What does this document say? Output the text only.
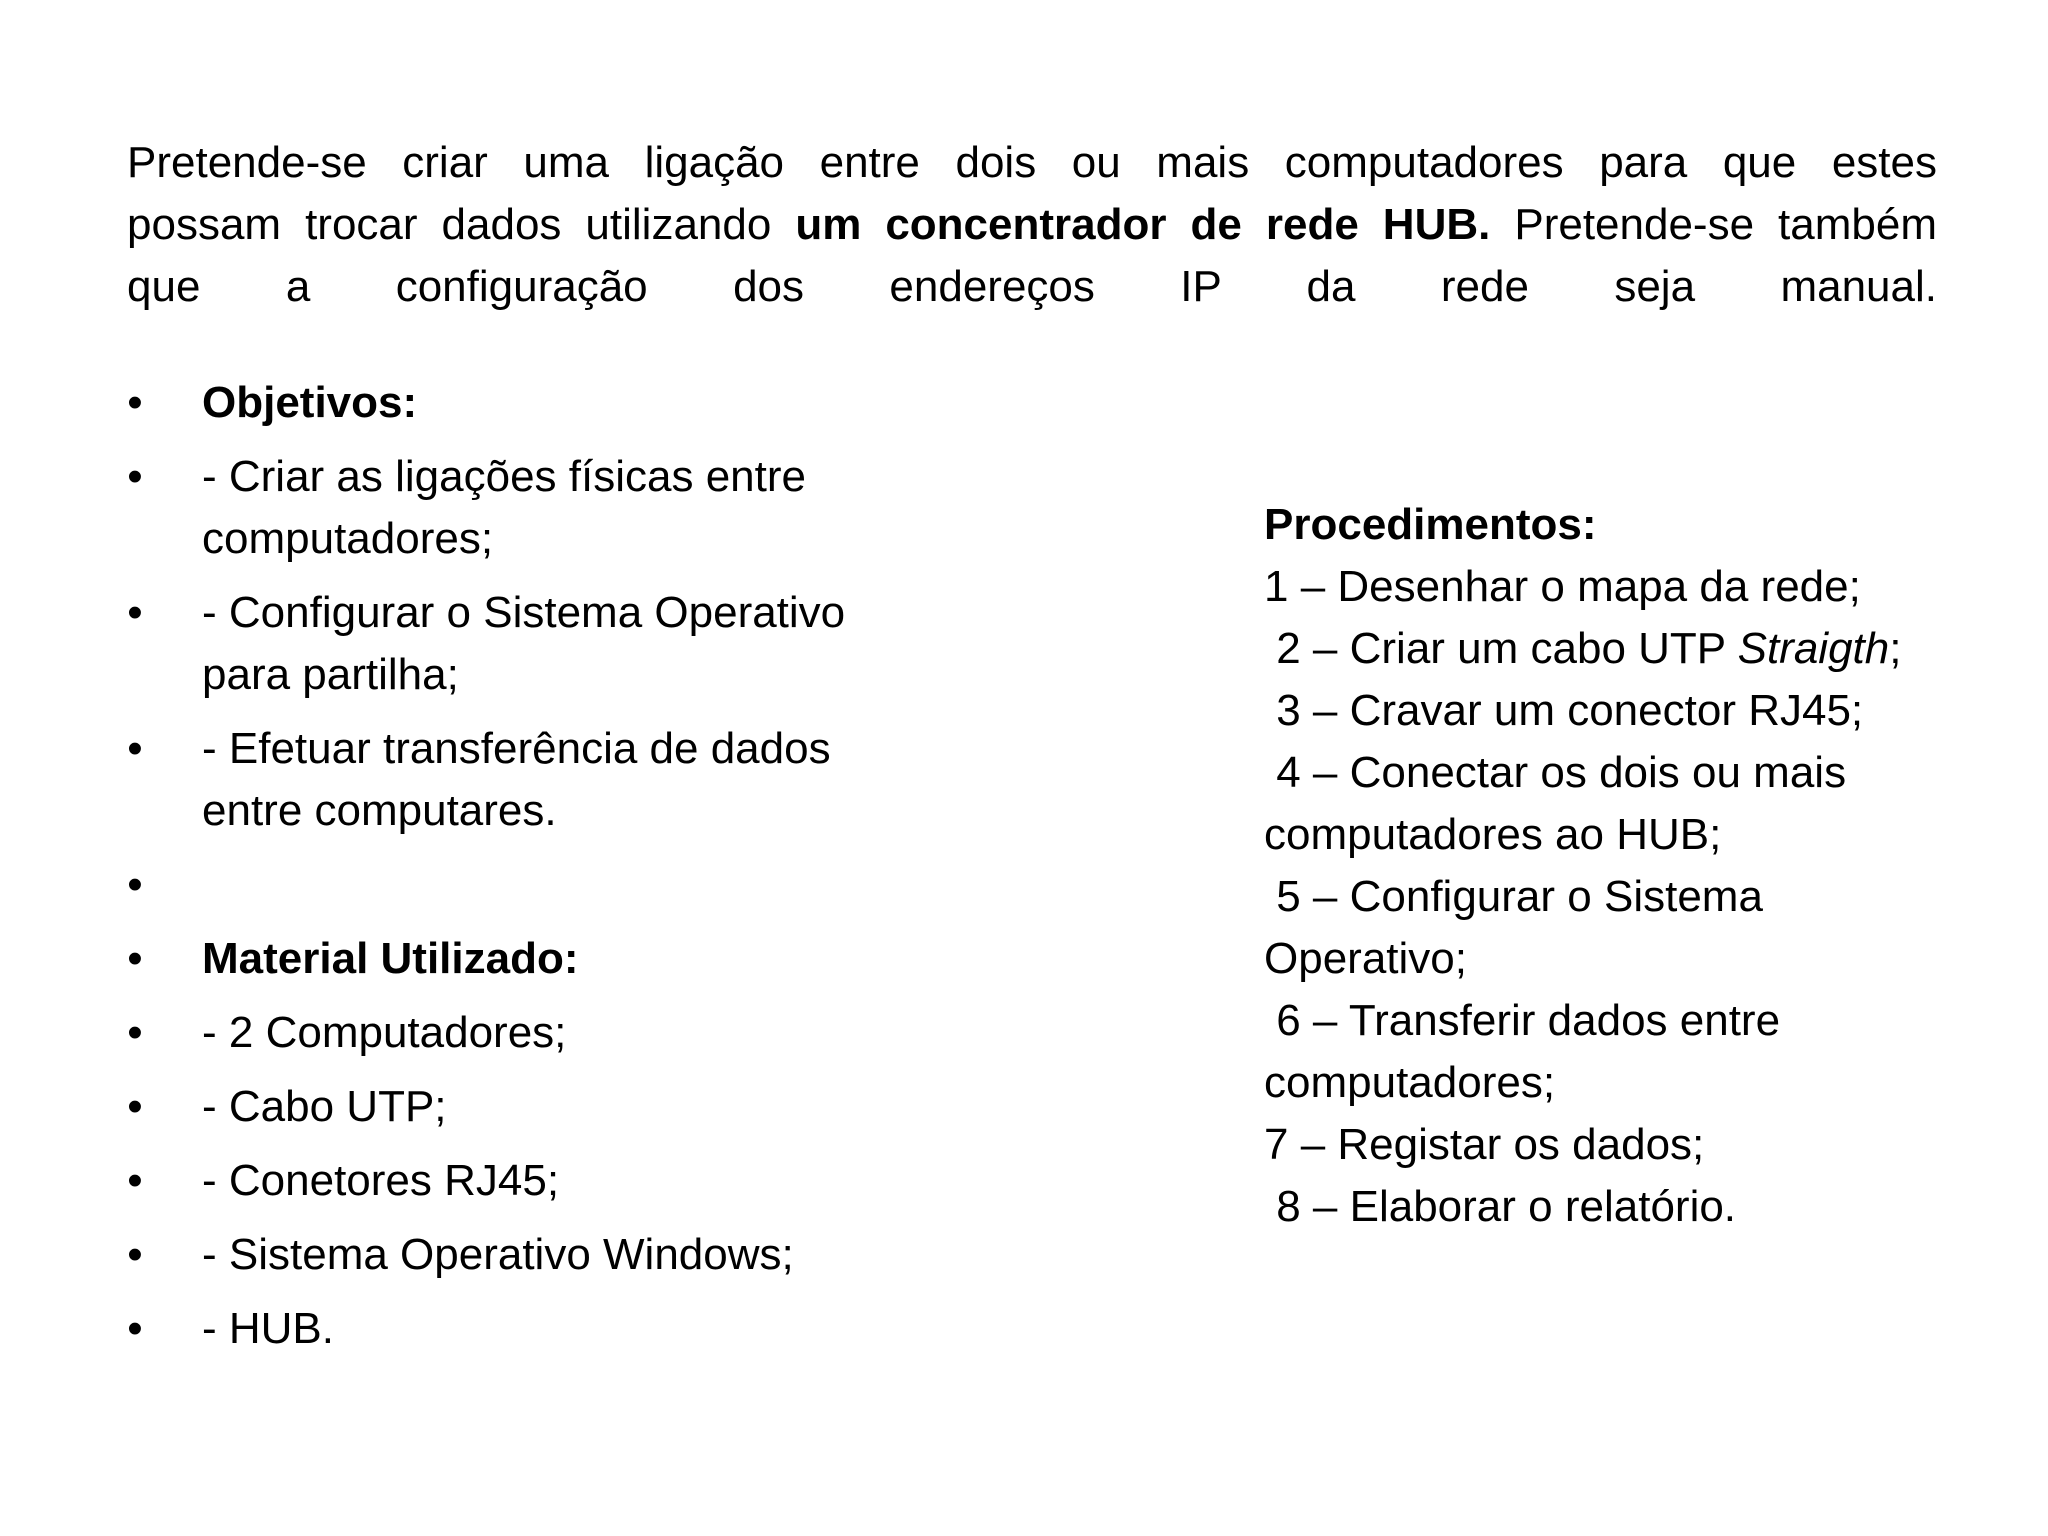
Pretende-se criar uma ligação entre dois ou mais computadores para que estes
possam trocar dados utilizando um concentrador de rede HUB. Pretende-se também
que a configuração dos endereços IP da rede seja manual.
• Objetivos:
• - Criar as ligações físicas entre computadores;
• - Configurar o Sistema Operativo para partilha;
• - Efetuar transferência de dados entre computares.
•
• Material Utilizado:
• - 2 Computadores;
• - Cabo UTP;
• - Conetores RJ45;
• - Sistema Operativo Windows;
• - HUB.
Procedimentos:
1 – Desenhar o mapa da rede;
2 – Criar um cabo UTP Straigth;
3 – Cravar um conector RJ45;
4 – Conectar os dois ou mais
computadores ao HUB;
5 – Configurar o Sistema
Operativo;
6 – Transferir dados entre
computadores;
7 – Registar os dados;
8 – Elaborar o relatório.
